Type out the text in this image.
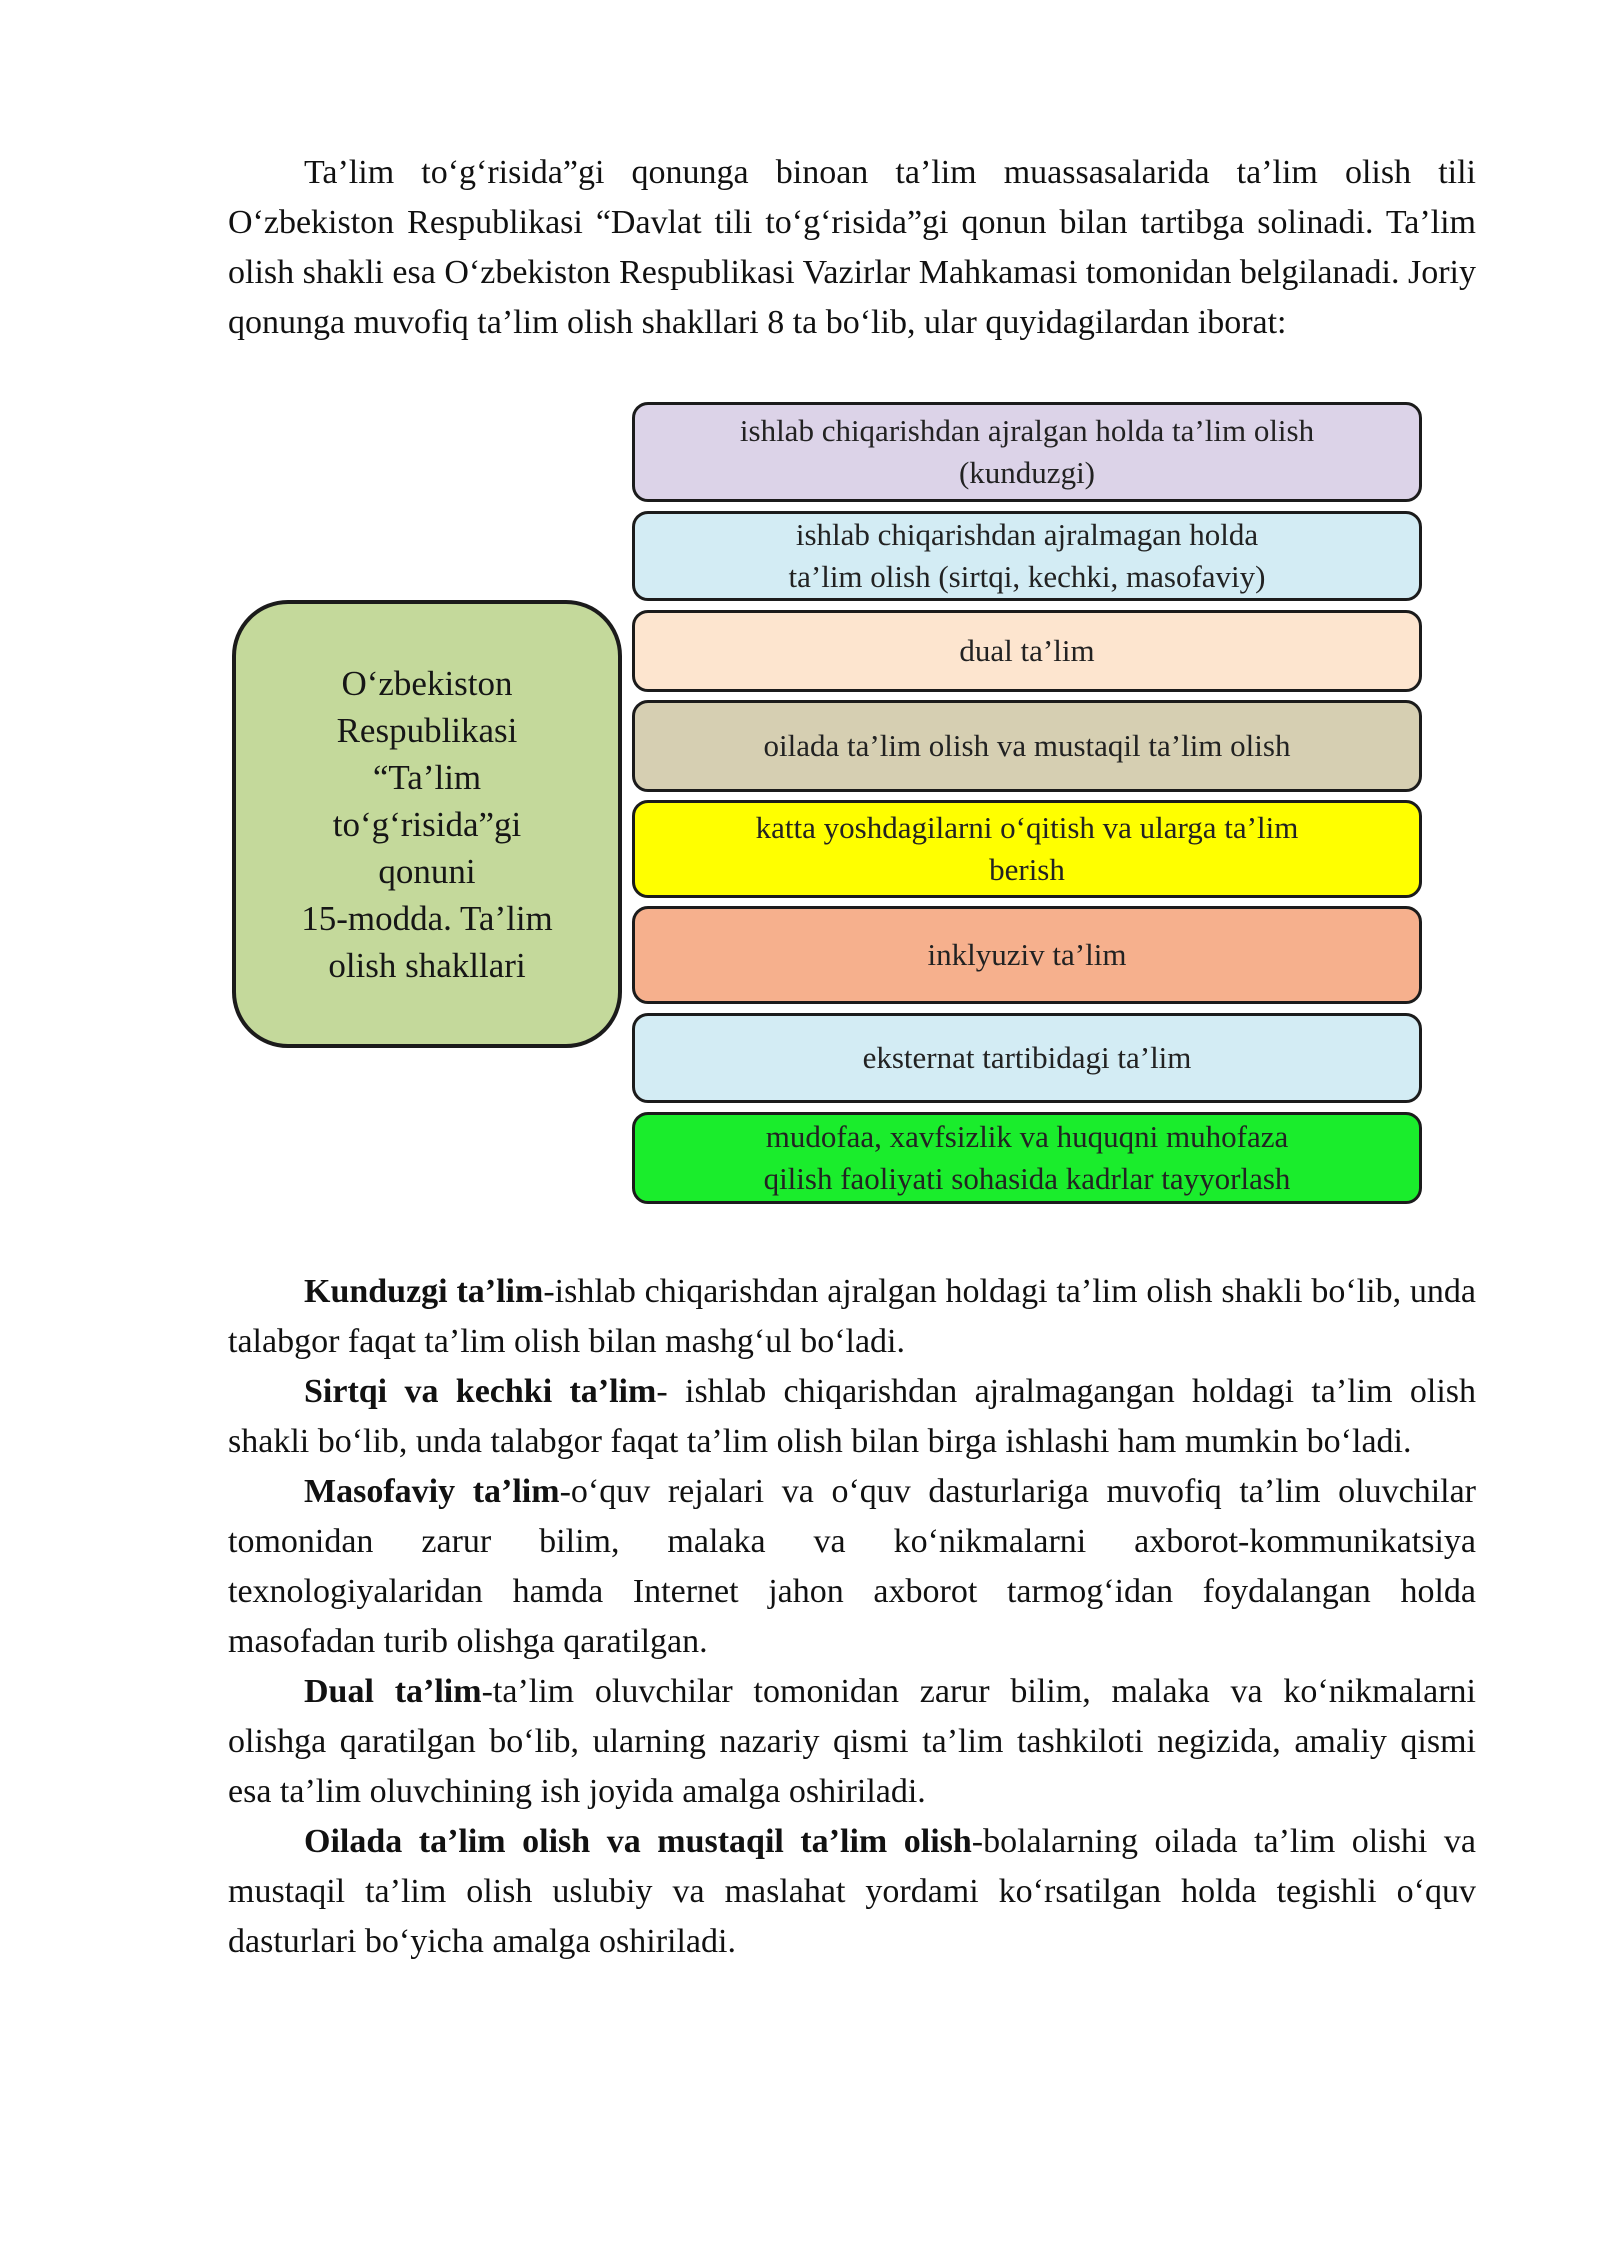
Ta’lim to‘g‘risida”gi qonunga binoan ta’lim muassasalarida ta’lim olish tili O‘zbekiston Respublikasi “Davlat tili to‘g‘risida”gi qonun bilan tartibga solinadi. Ta’lim olish shakli esa O‘zbekiston Respublikasi Vazirlar Mahkamasi tomonidan belgilanadi. Joriy qonunga muvofiq ta’lim olish shakllari 8 ta bo‘lib, ular quyidagilardan iborat:

O‘zbekiston
Respublikasi
“Ta’lim
to‘g‘risida”gi
qonuni
15-modda. Ta’lim
olish shakllari
ishlab chiqarishdan ajralgan holda ta’lim olish
(kunduzgi)
ishlab chiqarishdan ajralmagan holda
ta’lim olish (sirtqi, kechki, masofaviy)
dual ta’lim
oilada ta’lim olish va mustaqil ta’lim olish
katta yoshdagilarni o‘qitish va ularga ta’lim
berish
inklyuziv ta’lim
eksternat tartibidagi ta’lim
mudofaa, xavfsizlik va huquqni muhofaza
qilish faoliyati sohasida kadrlar tayyorlash

Kunduzgi ta’lim-ishlab chiqarishdan ajralgan holdagi ta’lim olish shakli bo‘lib, unda talabgor faqat ta’lim olish bilan mashg‘ul bo‘ladi.

Sirtqi va kechki ta’lim- ishlab chiqarishdan ajralmagangan holdagi ta’lim olish shakli bo‘lib, unda talabgor faqat ta’lim olish bilan birga ishlashi ham mumkin bo‘ladi.

Masofaviy ta’lim-o‘quv rejalari va o‘quv dasturlariga muvofiq ta’lim oluvchilar tomonidan zarur bilim, malaka va ko‘nikmalarni axborot-kommunikatsiya texnologiyalaridan hamda Internet jahon axborot tarmog‘idan foydalangan holda masofadan turib olishga qaratilgan.

Dual ta’lim-ta’lim oluvchilar tomonidan zarur bilim, malaka va ko‘nikmalarni olishga qaratilgan bo‘lib, ularning nazariy qismi ta’lim tashkiloti negizida, amaliy qismi esa ta’lim oluvchining ish joyida amalga oshiriladi.

Oilada ta’lim olish va mustaqil ta’lim olish-bolalarning oilada ta’lim olishi va mustaqil ta’lim olish uslubiy va maslahat yordami ko‘rsatilgan holda tegishli o‘quv dasturlari bo‘yicha amalga oshiriladi.
